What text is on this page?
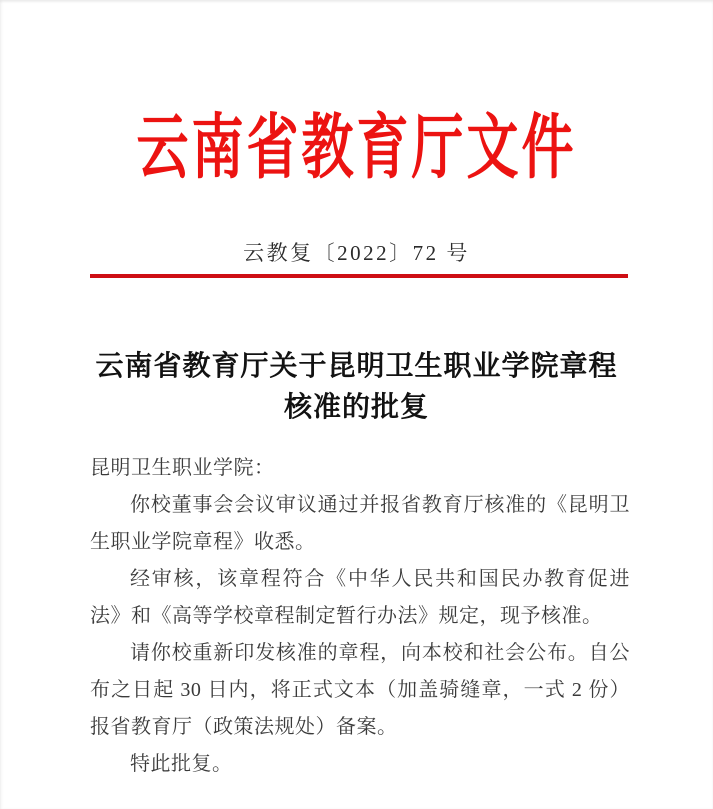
云南省教育厅文件
云教复〔2022〕72 号
云南省教育厅关于昆明卫生职业学院章程
核准的批复

昆明卫生职业学院：

你校董事会会议审议通过并报省教育厅核准的《昆明卫生职业学院章程》收悉。

经审核，该章程符合《中华人民共和国民办教育促进法》和《高等学校章程制定暂行办法》规定，现予核准。

请你校重新印发核准的章程，向本校和社会公布。自公布之日起 30 日内，将正式文本（加盖骑缝章，一式 2 份）报省教育厅（政策法规处）备案。

特此批复。
